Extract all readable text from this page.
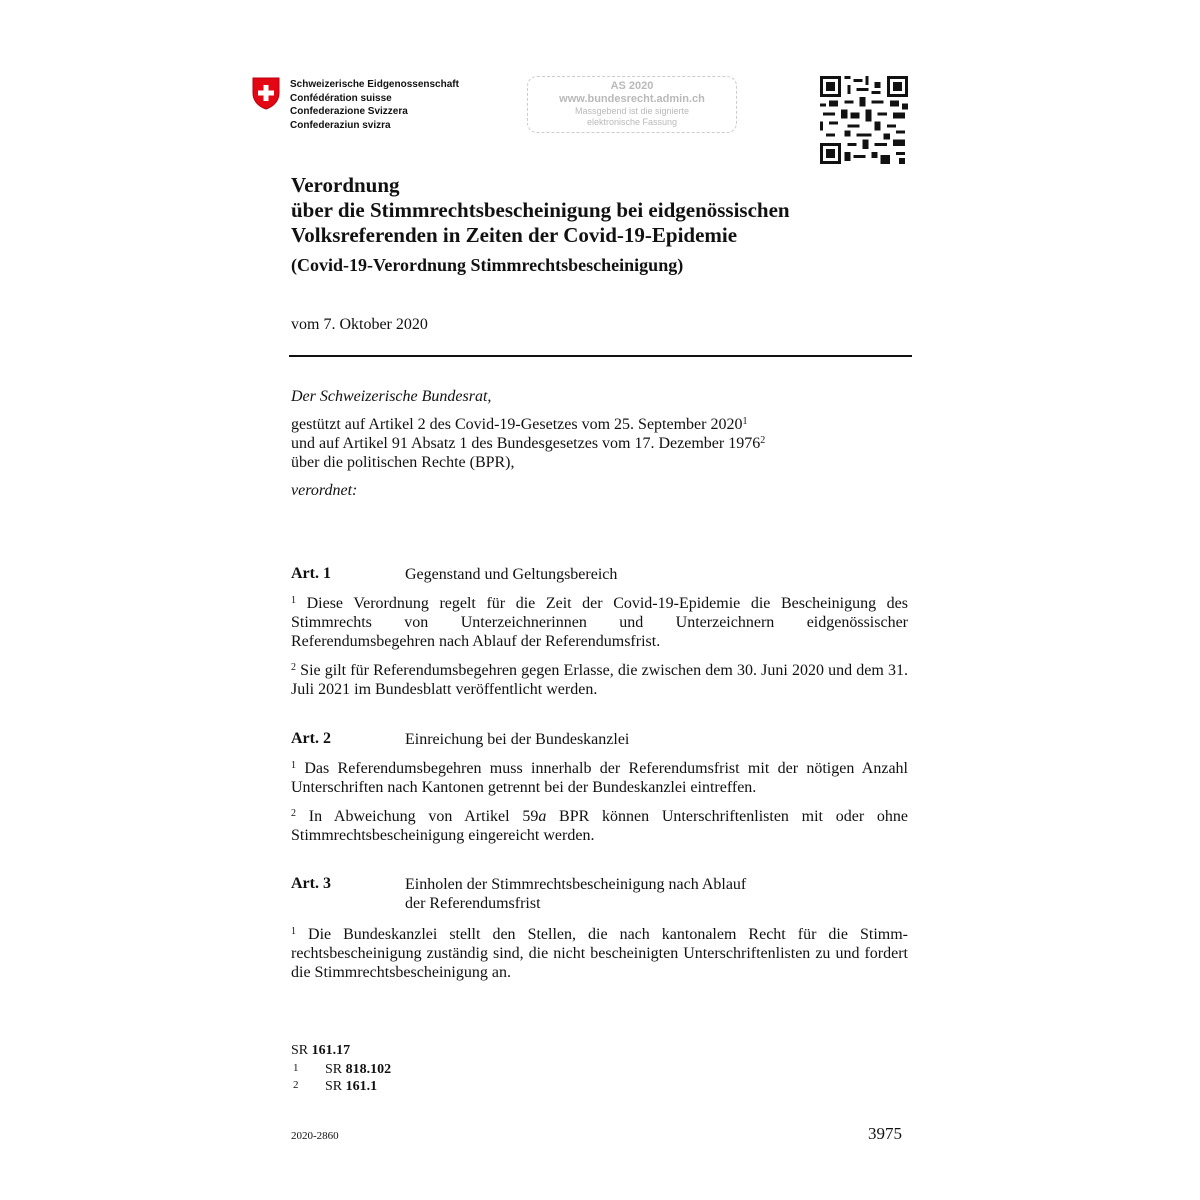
Schweizerische Eidgenossenschaft
Confédération suisse
Confederazione Svizzera
Confederaziun svizra
AS 2020
www.bundesrecht.admin.ch
Massgebend ist die signierte
elektronische Fassung
Verordnung
über die Stimmrechtsbescheinigung bei eidgenössischen
Volksreferenden in Zeiten der Covid-19-Epidemie
(Covid-19-Verordnung Stimmrechtsbescheinigung)
vom 7. Oktober 2020
Der Schweizerische Bundesrat,
gestützt auf Artikel 2 des Covid-19-Gesetzes vom 25. September 2020$^1$
und auf Artikel 91 Absatz 1 des Bundesgesetzes vom 17. Dezember 1976$^2$
über die politischen Rechte (BPR),
verordnet:
Art. 1	Gegenstand und Geltungsbereich
$^1$ Diese Verordnung regelt für die Zeit der Covid-19-Epidemie die Bescheinigung des Stimmrechts von Unterzeichnerinnen und Unterzeichnern eidgenössischer Referendumsbegehren nach Ablauf der Referendumsfrist.
$^2$ Sie gilt für Referendumsbegehren gegen Erlasse, die zwischen dem 30. Juni 2020 und dem 31. Juli 2021 im Bundesblatt veröffentlicht werden.
Art. 2	Einreichung bei der Bundeskanzlei
$^1$ Das Referendumsbegehren muss innerhalb der Referendumsfrist mit der nötigen Anzahl Unterschriften nach Kantonen getrennt bei der Bundeskanzlei eintreffen.
$^2$ In Abweichung von Artikel 59a BPR können Unterschriftenlisten mit oder ohne Stimmrechtsbescheinigung eingereicht werden.
Art. 3	Einholen der Stimmrechtsbescheinigung nach Ablauf
der Referendumsfrist
$^1$ Die Bundeskanzlei stellt den Stellen, die nach kantonalem Recht für die Stimmrechtsbescheinigung zuständig sind, die nicht bescheinigten Unterschriftenlisten zu und fordert die Stimmrechtsbescheinigung an.
SR 161.17
1 SR 818.102
2 SR 161.1
2020-2860	3975
